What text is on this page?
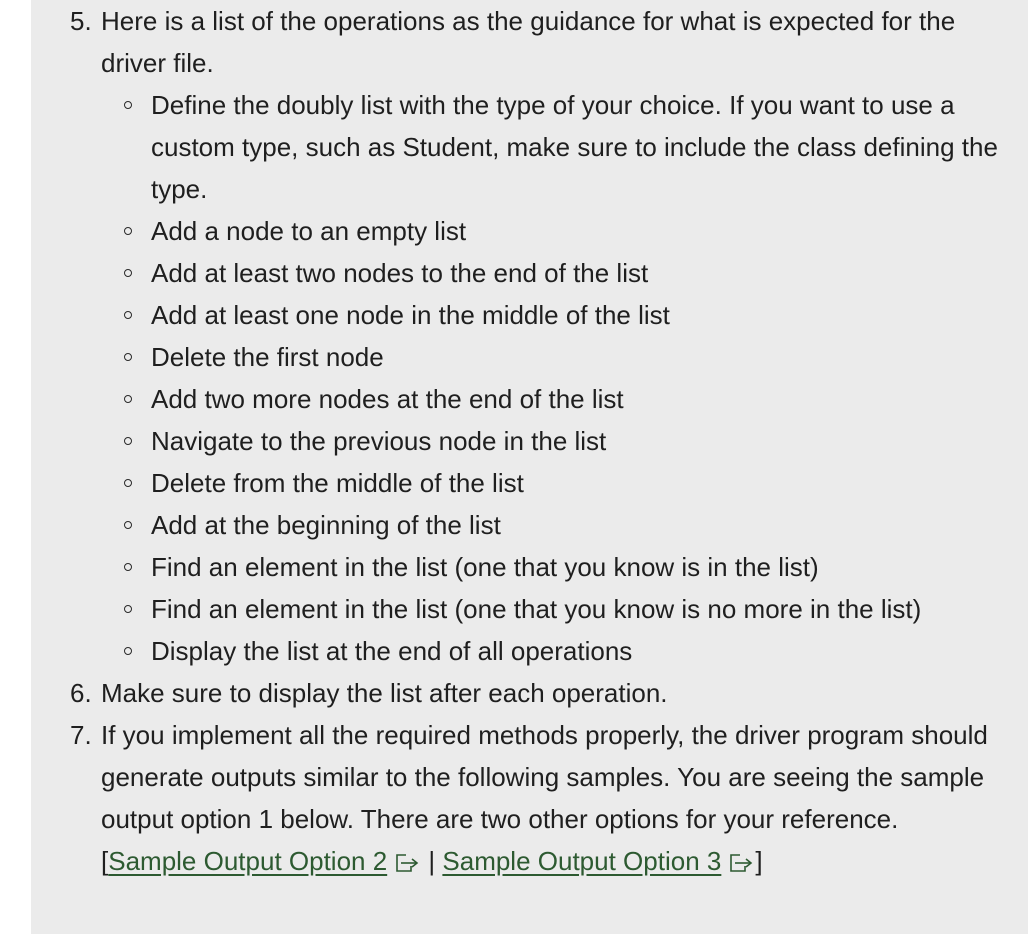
5. Here is a list of the operations as the guidance for what is expected for the driver file.
Define the doubly list with the type of your choice. If you want to use a custom type, such as Student, make sure to include the class defining the type.
Add a node to an empty list
Add at least two nodes to the end of the list
Add at least one node in the middle of the list
Delete the first node
Add two more nodes at the end of the list
Navigate to the previous node in the list
Delete from the middle of the list
Add at the beginning of the list
Find an element in the list (one that you know is in the list)
Find an element in the list (one that you know is no more in the list)
Display the list at the end of all operations
6. Make sure to display the list after each operation.
7. If you implement all the required methods properly, the driver program should generate outputs similar to the following samples. You are seeing the sample output option 1 below. There are two other options for your reference.
[Sample Output Option 2 | Sample Output Option 3 ]
